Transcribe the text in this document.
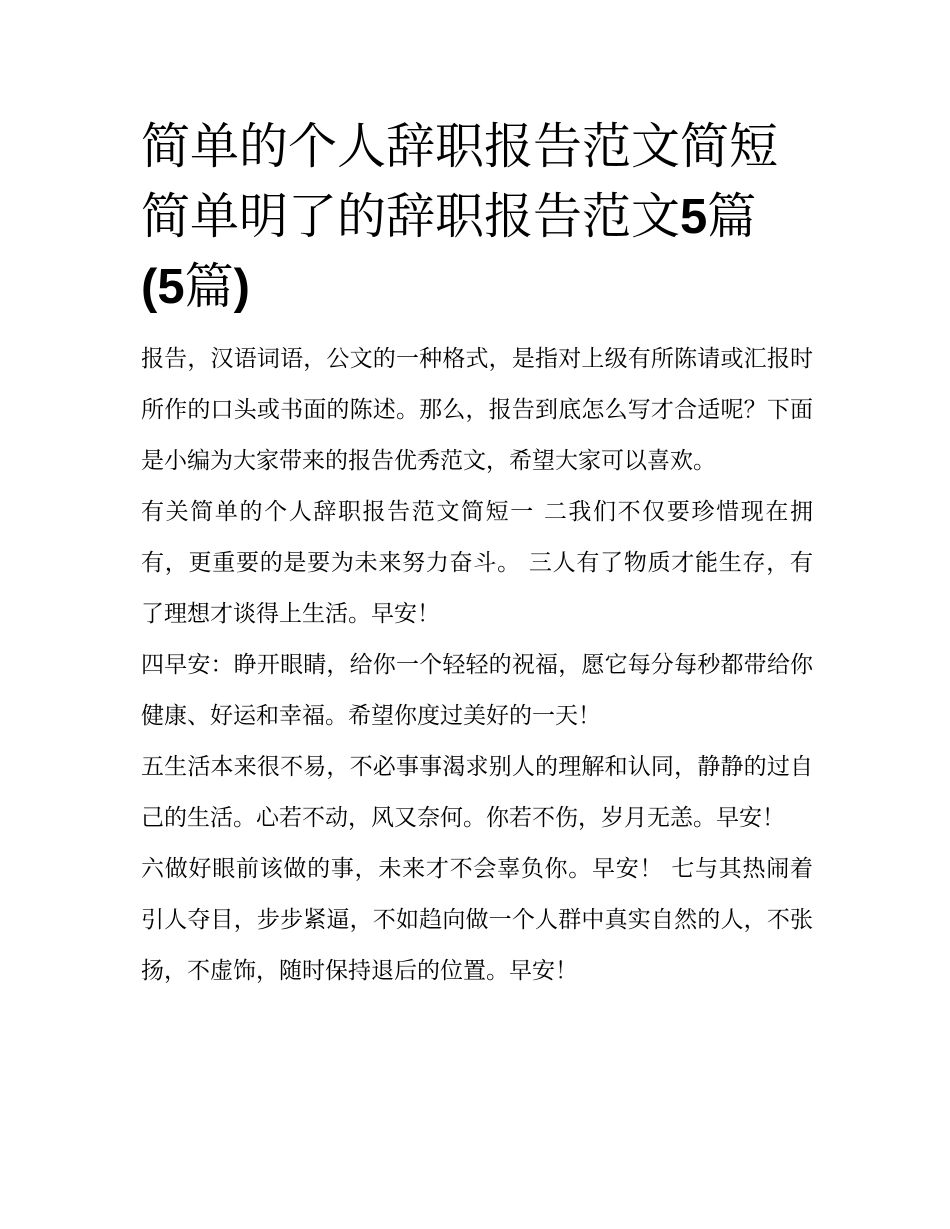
简单的个人辞职报告范文简短
简单明了的辞职报告范文5篇
(5篇)

报告，汉语词语，公文的一种格式，是指对上级有所陈请或汇报时所作的口头或书面的陈述。那么，报告到底怎么写才合适呢？下面是小编为大家带来的报告优秀范文，希望大家可以喜欢。

有关简单的个人辞职报告范文简短一 二我们不仅要珍惜现在拥有，更重要的是要为未来努力奋斗。 三人有了物质才能生存，有了理想才谈得上生活。早安！

四早安：睁开眼睛，给你一个轻轻的祝福，愿它每分每秒都带给你健康、好运和幸福。希望你度过美好的一天！

五生活本来很不易，不必事事渴求别人的理解和认同，静静的过自己的生活。心若不动，风又奈何。你若不伤，岁月无恙。早安！

六做好眼前该做的事，未来才不会辜负你。早安！ 七与其热闹着引人夺目，步步紧逼，不如趋向做一个人群中真实自然的人，不张扬，不虚饰，随时保持退后的位置。早安！
